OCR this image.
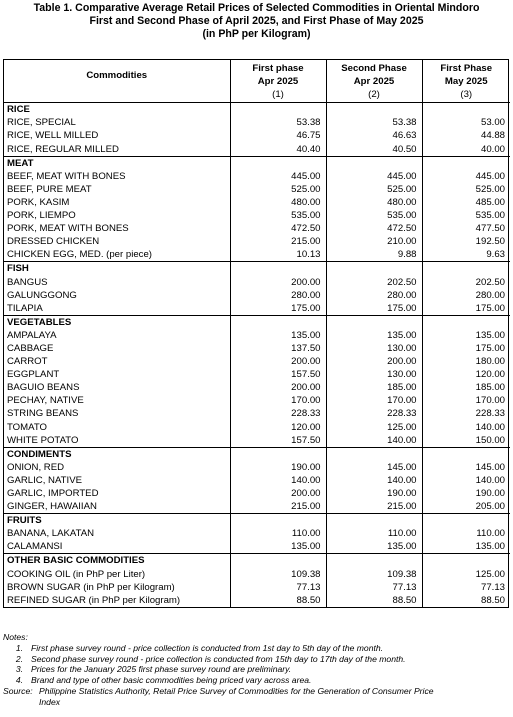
Table 1. Comparative Average Retail Prices of Selected Commodities in Oriental Mindoro
First and Second Phase of April 2025, and First Phase of May 2025
(in PhP per Kilogram)
Commodities	First phase	Second Phase	First Phase
	Apr 2025	Apr 2025	May 2025
	(1)	(2)	(3)
RICE			
RICE, SPECIAL	53.38	53.38	53.00
RICE, WELL MILLED	46.75	46.63	44.88
RICE, REGULAR MILLED	40.40	40.50	40.00
MEAT			
BEEF, MEAT WITH BONES	445.00	445.00	445.00
BEEF, PURE MEAT	525.00	525.00	525.00
PORK, KASIM	480.00	480.00	485.00
PORK, LIEMPO	535.00	535.00	535.00
PORK, MEAT WITH BONES	472.50	472.50	477.50
DRESSED CHICKEN	215.00	210.00	192.50
CHICKEN EGG, MED. (per piece)	10.13	9.88	9.63
FISH			
BANGUS	200.00	202.50	202.50
GALUNGGONG	280.00	280.00	280.00
TILAPIA	175.00	175.00	175.00
VEGETABLES			
AMPALAYA	135.00	135.00	135.00
CABBAGE	137.50	130.00	175.00
CARROT	200.00	200.00	180.00
EGGPLANT	157.50	130.00	120.00
BAGUIO BEANS	200.00	185.00	185.00
PECHAY, NATIVE	170.00	170.00	170.00
STRING BEANS	228.33	228.33	228.33
TOMATO	120.00	125.00	140.00
WHITE POTATO	157.50	140.00	150.00
CONDIMENTS			
ONION, RED	190.00	145.00	145.00
GARLIC, NATIVE	140.00	140.00	140.00
GARLIC, IMPORTED	200.00	190.00	190.00
GINGER, HAWAIIAN	215.00	215.00	205.00
FRUITS			
BANANA, LAKATAN	110.00	110.00	110.00
CALAMANSI	135.00	135.00	135.00
OTHER BASIC COMMODITIES			
COOKING OIL (in PhP per Liter)	109.38	109.38	125.00
BROWN SUGAR (in PhP per Kilogram)	77.13	77.13	77.13
REFINED SUGAR (in PhP per Kilogram)	88.50	88.50	88.50
Notes:
1. First phase survey round - price collection is conducted from 1st day to 5th day of the month.
2. Second phase survey round - price collection is conducted from 15th day to 17th day of the month.
3. Prices for the January 2025 first phase survey round are preliminary.
4. Brand and type of other basic commodities being priced vary across area.
Source: Philippine Statistics Authority, Retail Price Survey of Commodities for the Generation of Consumer Price
Index
